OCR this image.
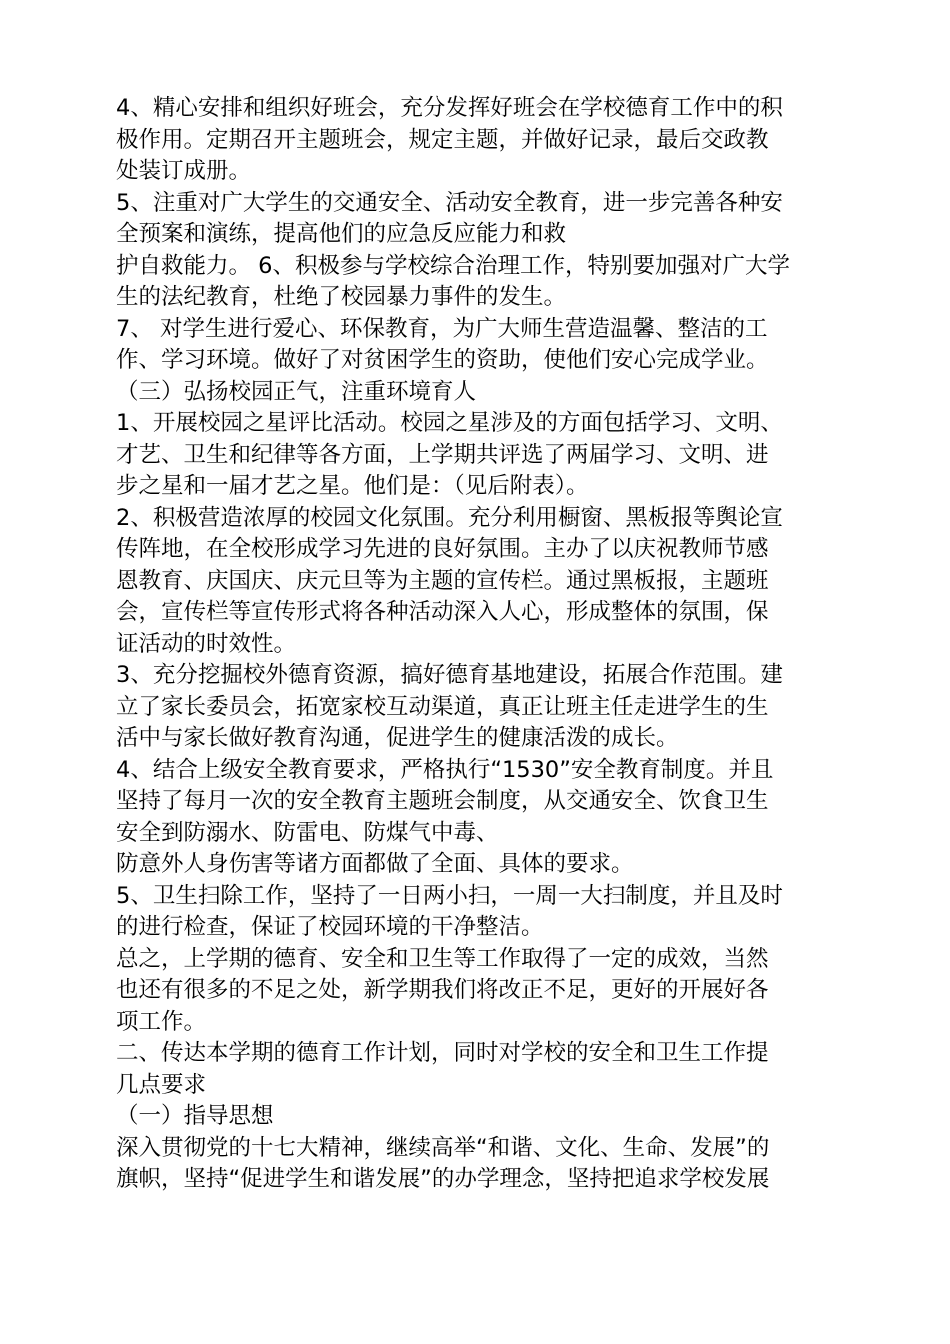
4、精心安排和组织好班会，充分发挥好班会在学校德育工作中的积
极作用。定期召开主题班会，规定主题，并做好记录，最后交政教
处装订成册。
5、注重对广大学生的交通安全、活动安全教育，进一步完善各种安
全预案和演练，提高他们的应急反应能力和救
护自救能力。 6、积极参与学校综合治理工作，特别要加强对广大学
生的法纪教育，杜绝了校园暴力事件的发生。
7、 对学生进行爱心、环保教育，为广大师生营造温馨、整洁的工
作、学习环境。做好了对贫困学生的资助，使他们安心完成学业。
（三）弘扬校园正气，注重环境育人
1、开展校园之星评比活动。校园之星涉及的方面包括学习、文明、
才艺、卫生和纪律等各方面，上学期共评选了两届学习、文明、进
步之星和一届才艺之星。他们是：（见后附表）。
2、积极营造浓厚的校园文化氛围。充分利用橱窗、黑板报等舆论宣
传阵地，在全校形成学习先进的良好氛围。主办了以庆祝教师节感
恩教育、庆国庆、庆元旦等为主题的宣传栏。通过黑板报，主题班
会，宣传栏等宣传形式将各种活动深入人心，形成整体的氛围，保
证活动的时效性。
3、充分挖掘校外德育资源，搞好德育基地建设，拓展合作范围。建
立了家长委员会，拓宽家校互动渠道，真正让班主任走进学生的生
活中与家长做好教育沟通，促进学生的健康活泼的成长。
4、结合上级安全教育要求，严格执行“1530”安全教育制度。并且
坚持了每月一次的安全教育主题班会制度，从交通安全、饮食卫生
安全到防溺水、防雷电、防煤气中毒、
防意外人身伤害等诸方面都做了全面、具体的要求。
5、卫生扫除工作，坚持了一日两小扫，一周一大扫制度，并且及时
的进行检查，保证了校园环境的干净整洁。
总之，上学期的德育、安全和卫生等工作取得了一定的成效，当然
也还有很多的不足之处，新学期我们将改正不足，更好的开展好各
项工作。
二、传达本学期的德育工作计划，同时对学校的安全和卫生工作提
几点要求
（一）指导思想
深入贯彻党的十七大精神，继续高举“和谐、文化、生命、发展”的
旗帜，坚持“促进学生和谐发展”的办学理念，坚持把追求学校发展
